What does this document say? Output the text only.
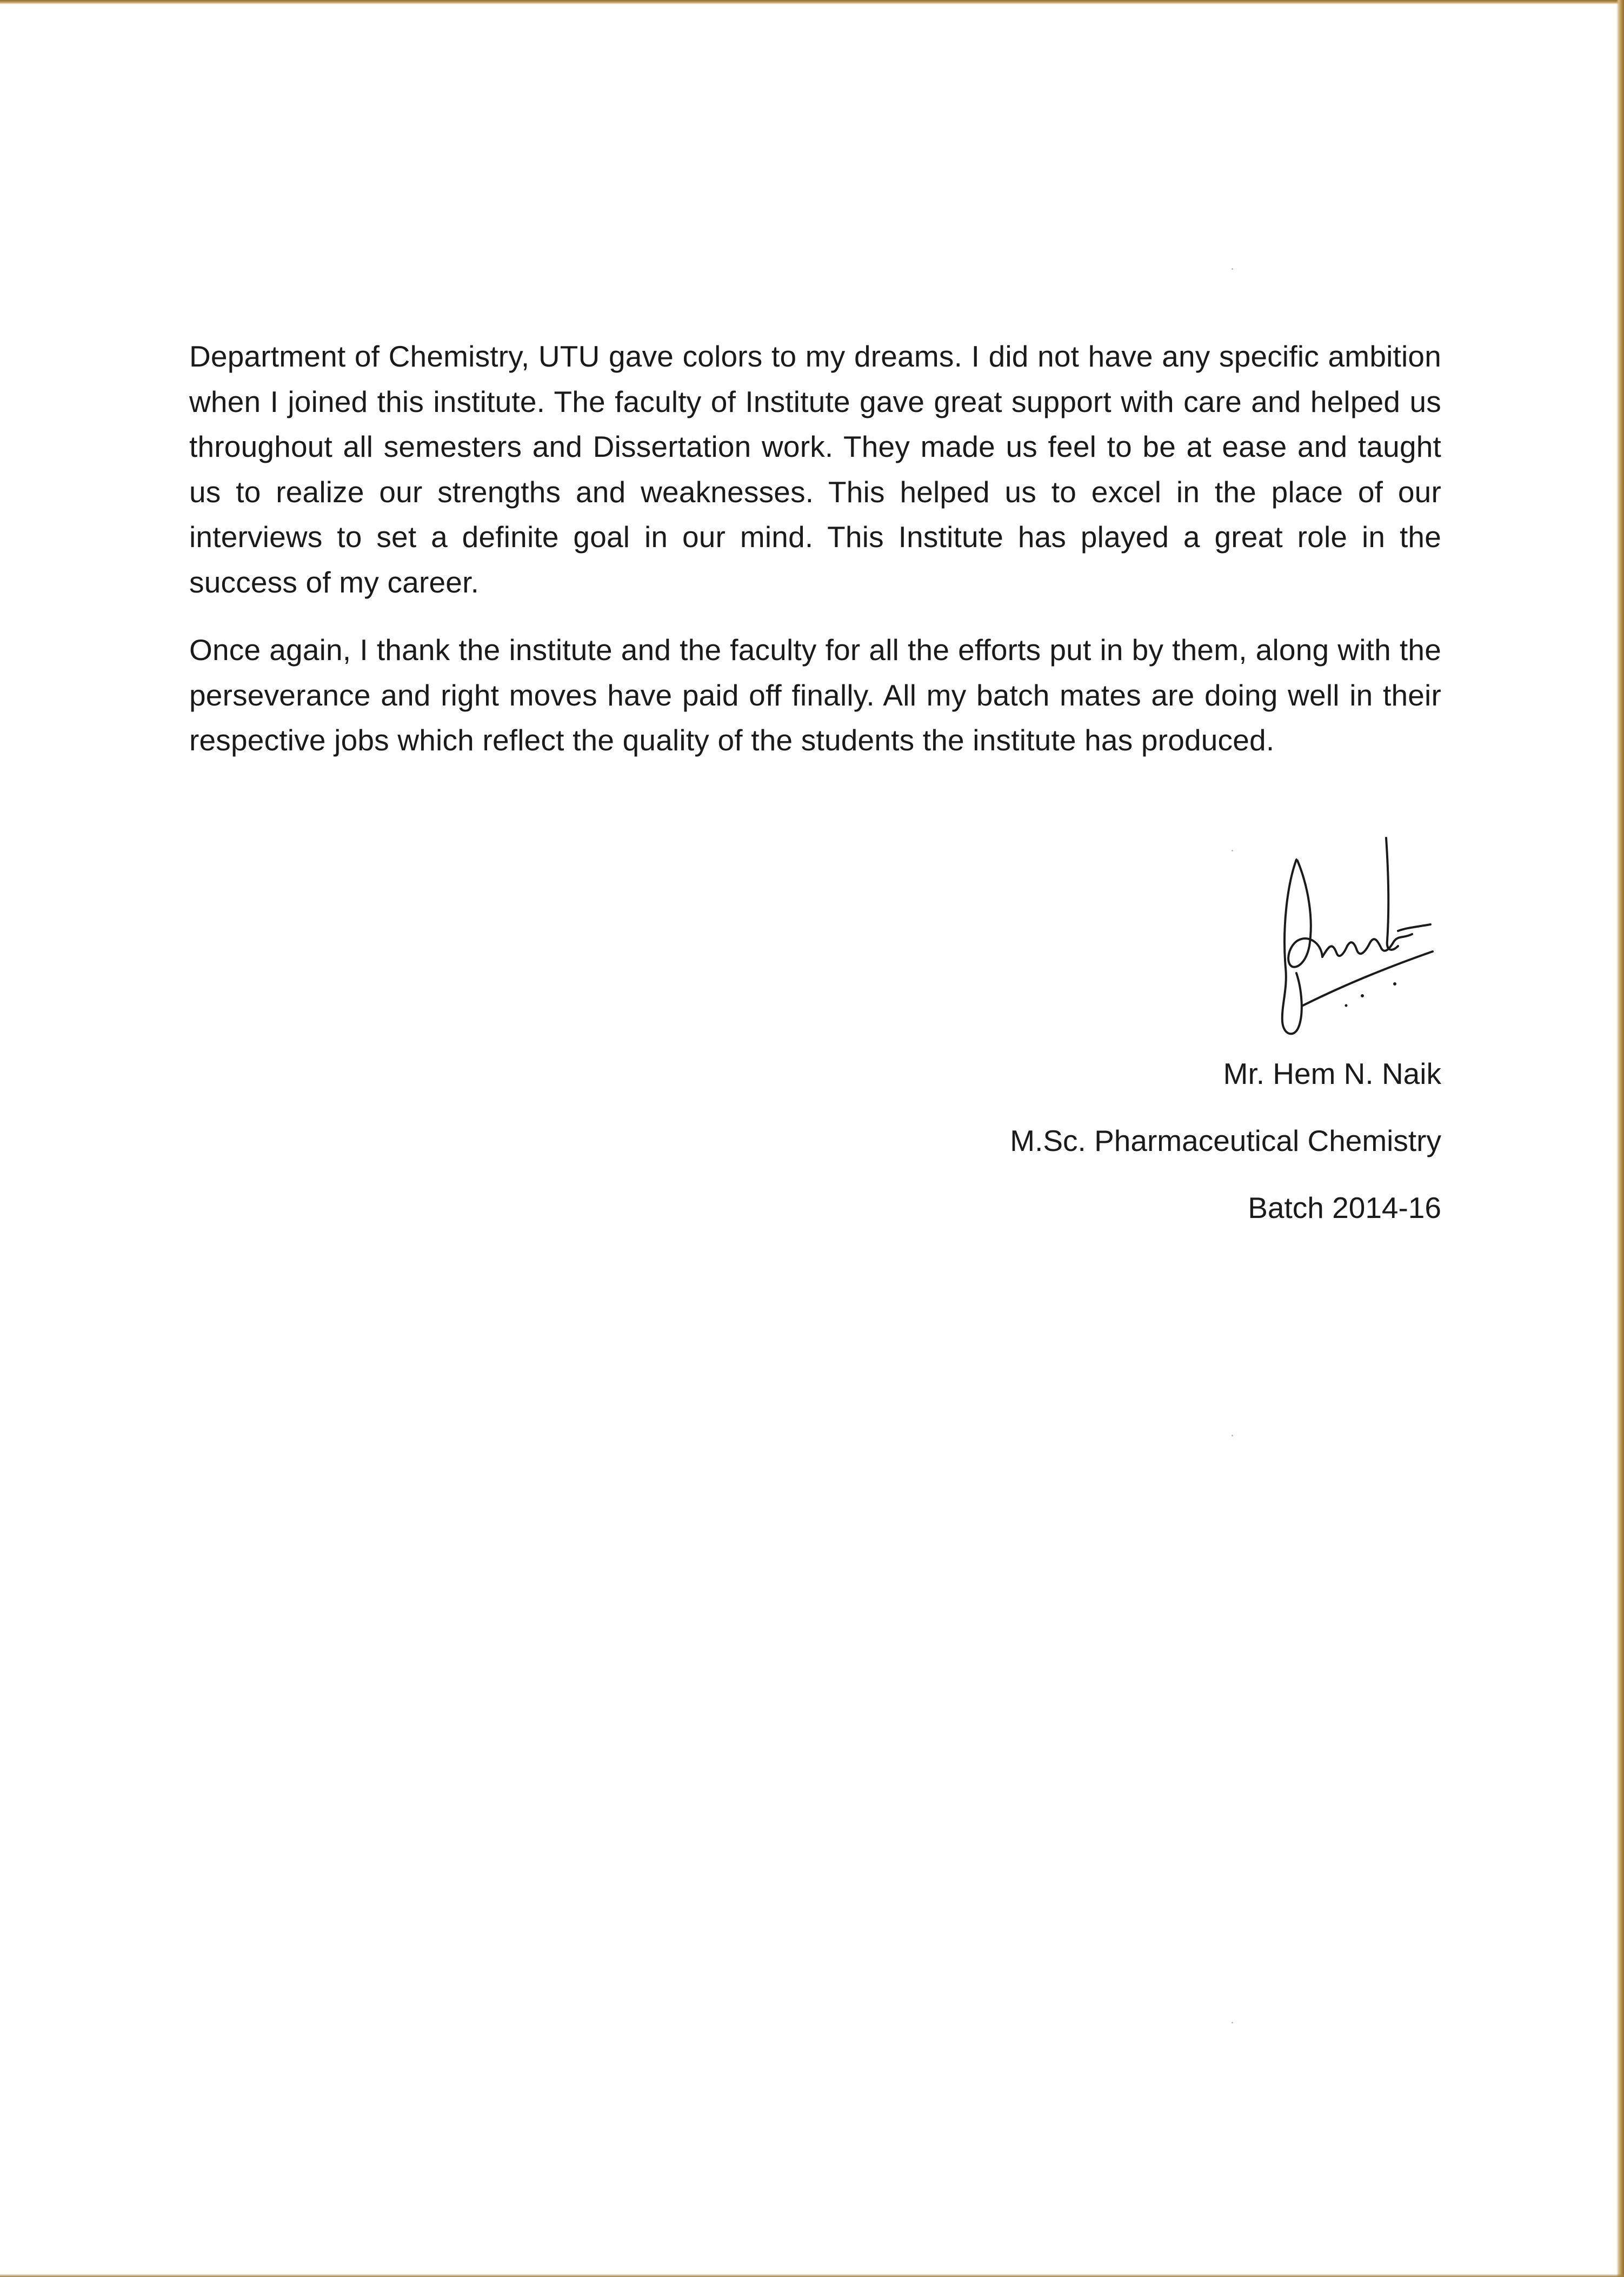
Department of Chemistry, UTU gave colors to my dreams. I did not have any specific ambition when I joined this institute. The faculty of Institute gave great support with care and helped us throughout all semesters and Dissertation work. They made us feel to be at ease and taught us to realize our strengths and weaknesses. This helped us to excel in the place of our interviews to set a definite goal in our mind. This Institute has played a great role in the success of my career.

Once again, I thank the institute and the faculty for all the efforts put in by them, along with the perseverance and right moves have paid off finally. All my batch mates are doing well in their respective jobs which reflect the quality of the students the institute has produced.

Mr. Hem N. Naik
M.Sc. Pharmaceutical Chemistry
Batch 2014-16
